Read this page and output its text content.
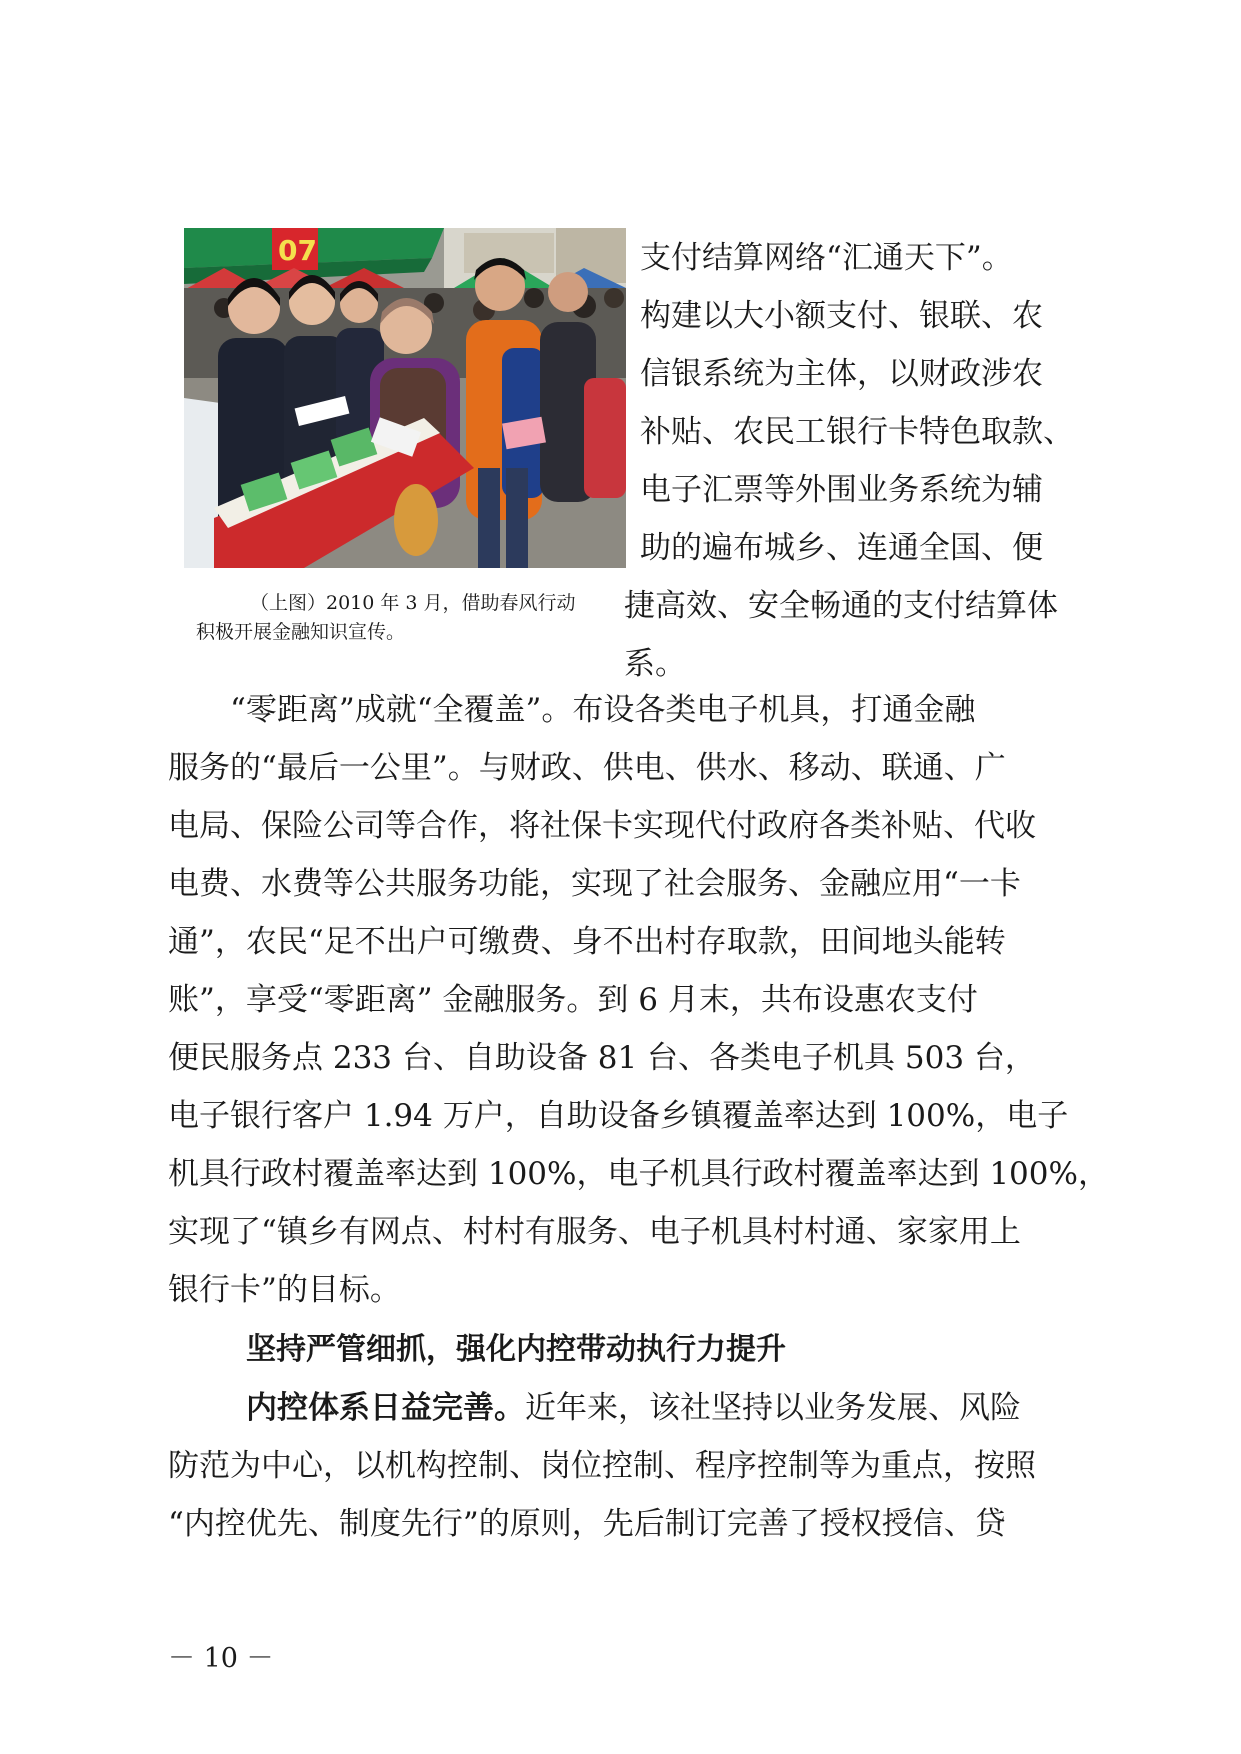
07
（上图）2010 年 3 月，借助春风行动
积极开展金融知识宣传。
支付结算网络“汇通天下”。
构建以大小额支付、银联、农
信银系统为主体，以财政涉农
补贴、农民工银行卡特色取款、
电子汇票等外围业务系统为辅
助的遍布城乡、连通全国、便
捷高效、安全畅通的支付结算体
系。
“零距离”成就“全覆盖”。布设各类电子机具，打通金融
服务的“最后一公里”。与财政、供电、供水、移动、联通、广
电局、保险公司等合作，将社保卡实现代付政府各类补贴、代收
电费、水费等公共服务功能，实现了社会服务、金融应用“一卡
通”，农民“足不出户可缴费、身不出村存取款，田间地头能转
账”，享受“零距离” 金融服务。到 6 月末，共布设惠农支付
便民服务点 233 台、自助设备 81 台、各类电子机具 503 台，
电子银行客户 1.94 万户，自助设备乡镇覆盖率达到 100%，电子
机具行政村覆盖率达到 100%，电子机具行政村覆盖率达到 100%，
实现了“镇乡有网点、村村有服务、电子机具村村通、家家用上
银行卡”的目标。
坚持严管细抓，强化内控带动执行力提升
内控体系日益完善。近年来，该社坚持以业务发展、风险
防范为中心，以机构控制、岗位控制、程序控制等为重点，按照
“内控优先、制度先行”的原则，先后制订完善了授权授信、贷
－ 10 －
